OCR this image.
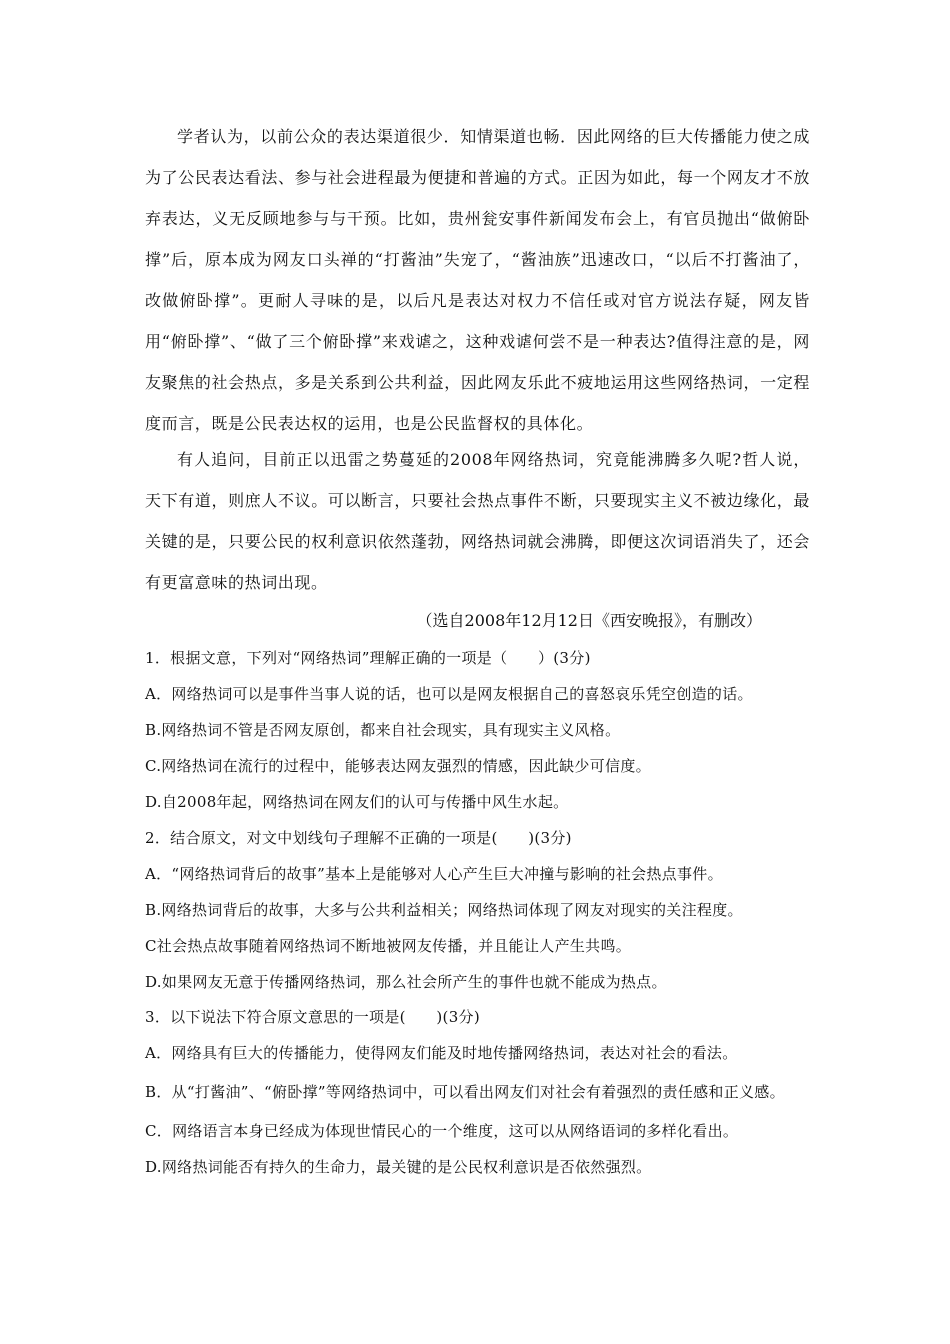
学者认为，以前公众的表达渠道很少．知情渠道也畅．因此网络的巨大传播能力使之成为了公民表达看法、参与社会进程最为便捷和普遍的方式。正因为如此，每一个网友才不放弃表达，义无反顾地参与与干预。比如，贵州瓮安事件新闻发布会上，有官员抛出“做俯卧撑”后，原本成为网友口头禅的“打酱油”失宠了，“酱油族”迅速改口，“以后不打酱油了，改做俯卧撑”。更耐人寻味的是，以后凡是表达对权力不信任或对官方说法存疑，网友皆用“俯卧撑”、“做了三个俯卧撑”来戏谑之，这种戏谑何尝不是一种表达?值得注意的是，网友聚焦的社会热点，多是关系到公共利益，因此网友乐此不疲地运用这些网络热词，一定程度而言，既是公民表达权的运用，也是公民监督权的具体化。

有人追问，目前正以迅雷之势蔓延的2008年网络热词，究竟能沸腾多久呢?哲人说，天下有道，则庶人不议。可以断言，只要社会热点事件不断，只要现实主义不被边缘化，最关键的是，只要公民的权利意识依然蓬勃，网络热词就会沸腾，即便这次词语消失了，还会有更富意味的热词出现。

（选自2008年12月12日《西安晚报》，有删改）

1．根据文意，下列对“网络热词”理解正确的一项是（　　）(3分)

A．网络热词可以是事件当事人说的话，也可以是网友根据自己的喜怒哀乐凭空创造的话。

B.网络热词不管是否网友原创，都来自社会现实，具有现实主义风格。

C.网络热词在流行的过程中，能够表达网友强烈的情感，因此缺少可信度。

D.自2008年起，网络热词在网友们的认可与传播中风生水起。

2．结合原文，对文中划线句子理解不正确的一项是(　　)(3分)

A．“网络热词背后的故事”基本上是能够对人心产生巨大冲撞与影响的社会热点事件。

B.网络热词背后的故事，大多与公共利益相关；网络热词体现了网友对现实的关注程度。

C社会热点故事随着网络热词不断地被网友传播，并且能让人产生共鸣。

D.如果网友无意于传播网络热词，那么社会所产生的事件也就不能成为热点。

3．以下说法下符合原文意思的一项是(　　)(3分)

A．网络具有巨大的传播能力，使得网友们能及时地传播网络热词，表达对社会的看法。

B．从“打酱油”、“俯卧撑”等网络热词中，可以看出网友们对社会有着强烈的责任感和正义感。

C．网络语言本身已经成为体现世情民心的一个维度，这可以从网络语词的多样化看出。

D.网络热词能否有持久的生命力，最关键的是公民权利意识是否依然强烈。
